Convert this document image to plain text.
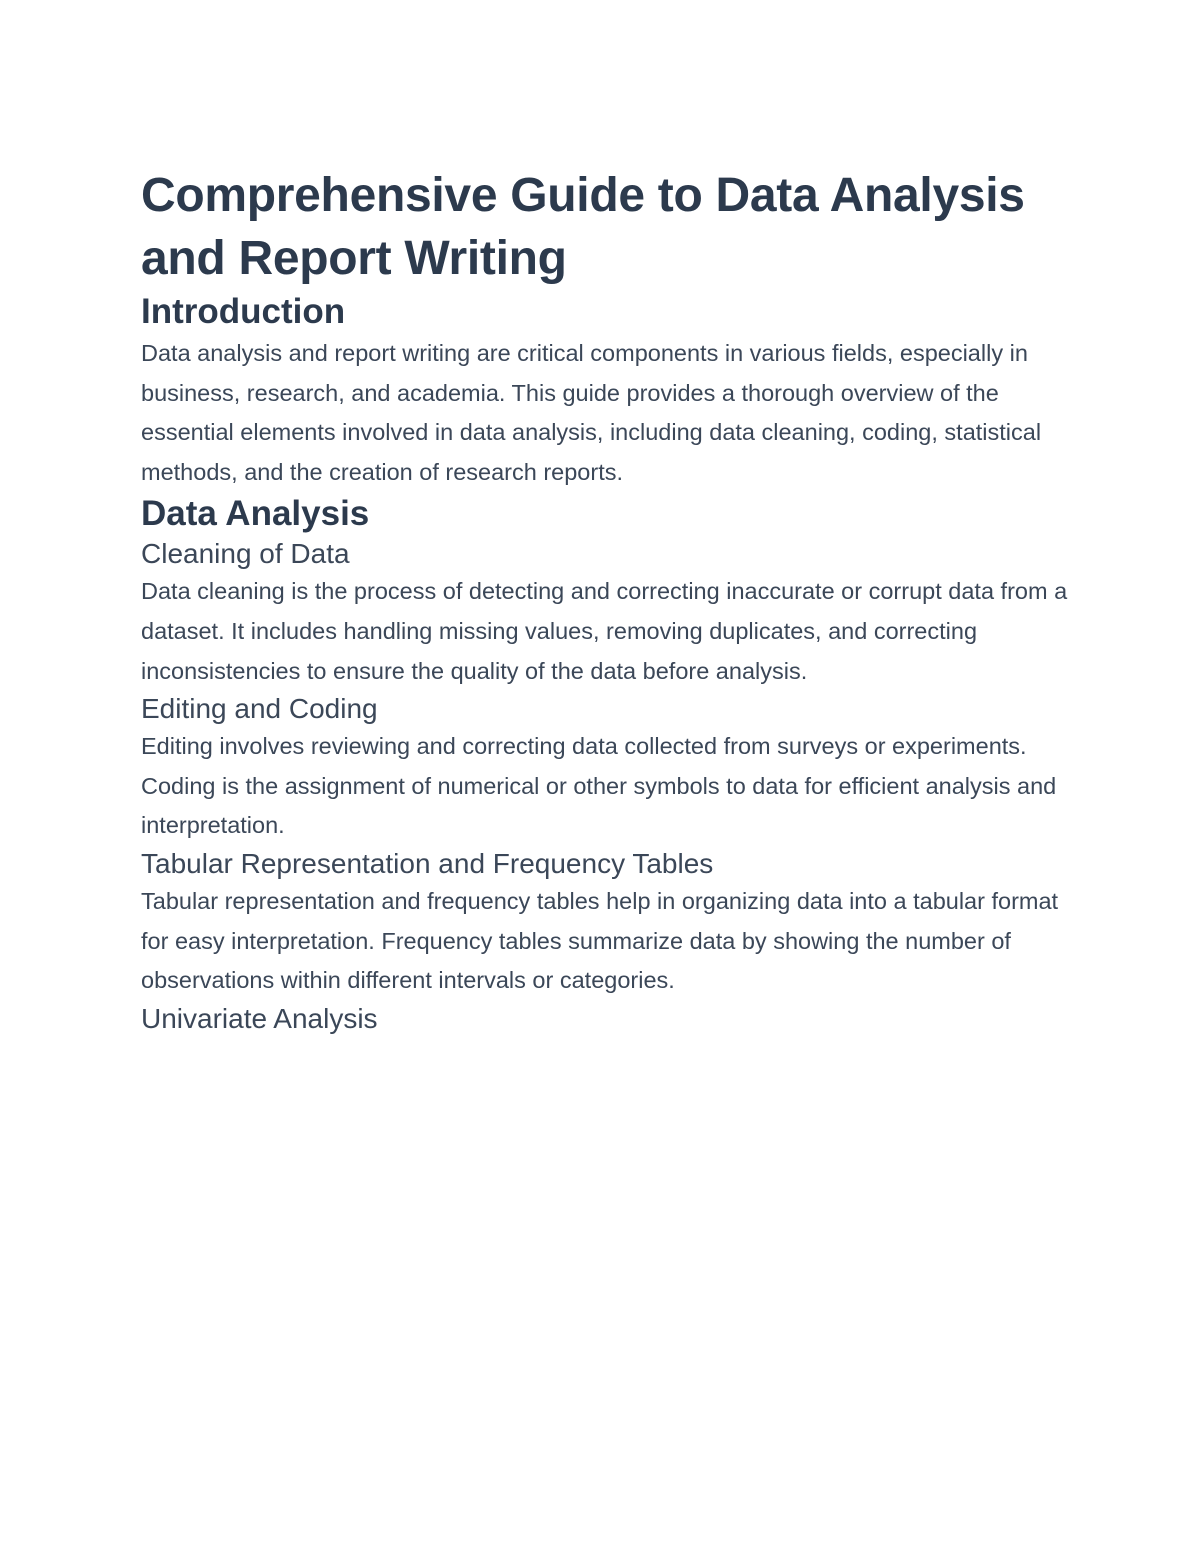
Comprehensive Guide to Data Analysis and Report Writing
Introduction

Data analysis and report writing are critical components in various fields, especially in business, research, and academia. This guide provides a thorough overview of the essential elements involved in data analysis, including data cleaning, coding, statistical methods, and the creation of research reports.

Data Analysis
Cleaning of Data

Data cleaning is the process of detecting and correcting inaccurate or corrupt data from a dataset. It includes handling missing values, removing duplicates, and correcting inconsistencies to ensure the quality of the data before analysis.

Editing and Coding

Editing involves reviewing and correcting data collected from surveys or experiments. Coding is the assignment of numerical or other symbols to data for efficient analysis and interpretation.

Tabular Representation and Frequency Tables

Tabular representation and frequency tables help in organizing data into a tabular format for easy interpretation. Frequency tables summarize data by showing the number of observations within different intervals or categories.

Univariate Analysis
